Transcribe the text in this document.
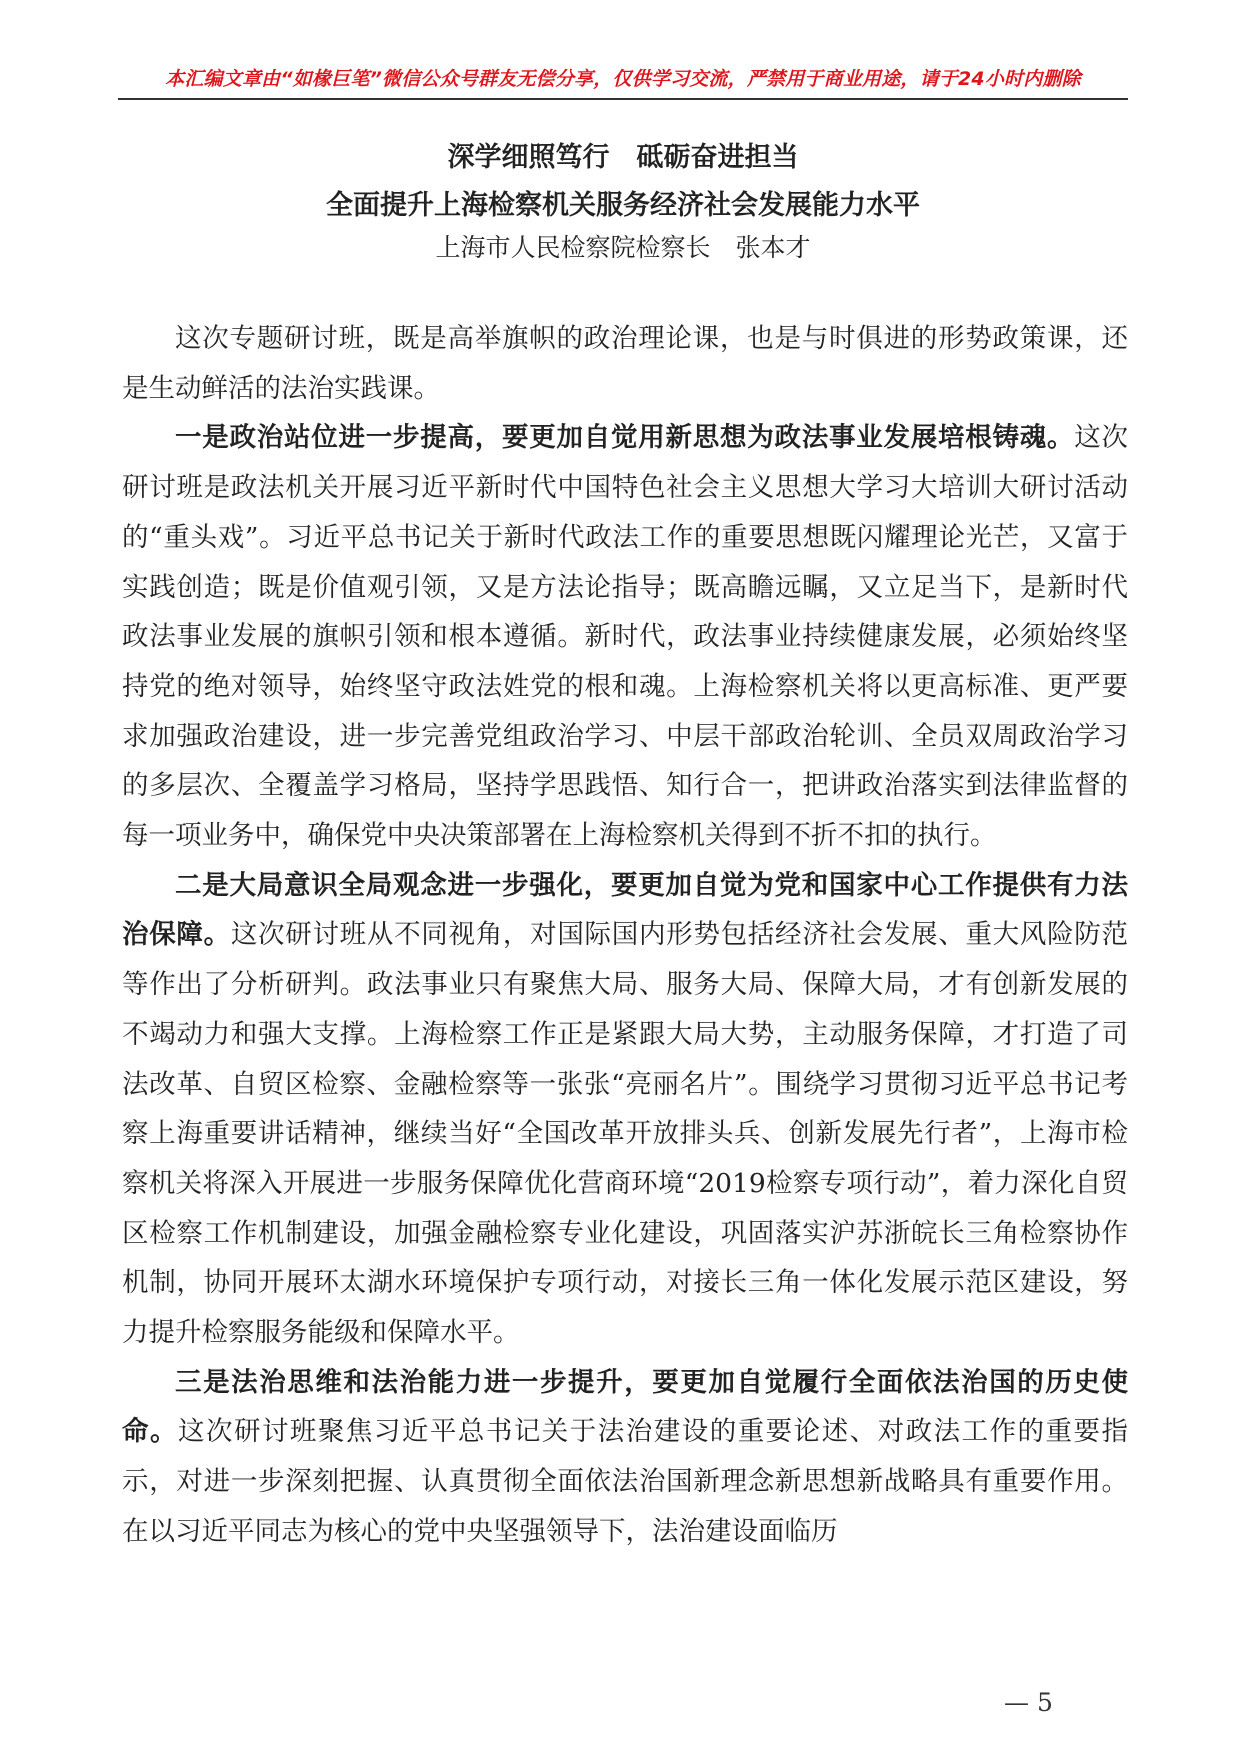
本汇编文章由“如椽巨笔”微信公众号群友无偿分享，仅供学习交流，严禁用于商业用途，请于24小时内删除
深学细照笃行　砥砺奋进担当
全面提升上海检察机关服务经济社会发展能力水平
上海市人民检察院检察长　张本才

这次专题研讨班，既是高举旗帜的政治理论课，也是与时俱进的形势政策课，还是生动鲜活的法治实践课。

一是政治站位进一步提高，要更加自觉用新思想为政法事业发展培根铸魂。这次研讨班是政法机关开展习近平新时代中国特色社会主义思想大学习大培训大研讨活动的“重头戏”。习近平总书记关于新时代政法工作的重要思想既闪耀理论光芒，又富于实践创造；既是价值观引领，又是方法论指导；既高瞻远瞩，又立足当下，是新时代政法事业发展的旗帜引领和根本遵循。新时代，政法事业持续健康发展，必须始终坚持党的绝对领导，始终坚守政法姓党的根和魂。上海检察机关将以更高标准、更严要求加强政治建设，进一步完善党组政治学习、中层干部政治轮训、全员双周政治学习的多层次、全覆盖学习格局，坚持学思践悟、知行合一，把讲政治落实到法律监督的每一项业务中，确保党中央决策部署在上海检察机关得到不折不扣的执行。

二是大局意识全局观念进一步强化，要更加自觉为党和国家中心工作提供有力法治保障。这次研讨班从不同视角，对国际国内形势包括经济社会发展、重大风险防范等作出了分析研判。政法事业只有聚焦大局、服务大局、保障大局，才有创新发展的不竭动力和强大支撑。上海检察工作正是紧跟大局大势，主动服务保障，才打造了司法改革、自贸区检察、金融检察等一张张“亮丽名片”。围绕学习贯彻习近平总书记考察上海重要讲话精神，继续当好“全国改革开放排头兵、创新发展先行者”，上海市检察机关将深入开展进一步服务保障优化营商环境“2019检察专项行动”，着力深化自贸区检察工作机制建设，加强金融检察专业化建设，巩固落实沪苏浙皖长三角检察协作机制，协同开展环太湖水环境保护专项行动，对接长三角一体化发展示范区建设，努力提升检察服务能级和保障水平。

三是法治思维和法治能力进一步提升，要更加自觉履行全面依法治国的历史使命。这次研讨班聚焦习近平总书记关于法治建设的重要论述、对政法工作的重要指示，对进一步深刻把握、认真贯彻全面依法治国新理念新思想新战略具有重要作用。在以习近平同志为核心的党中央坚强领导下，法治建设面临历

— 5
